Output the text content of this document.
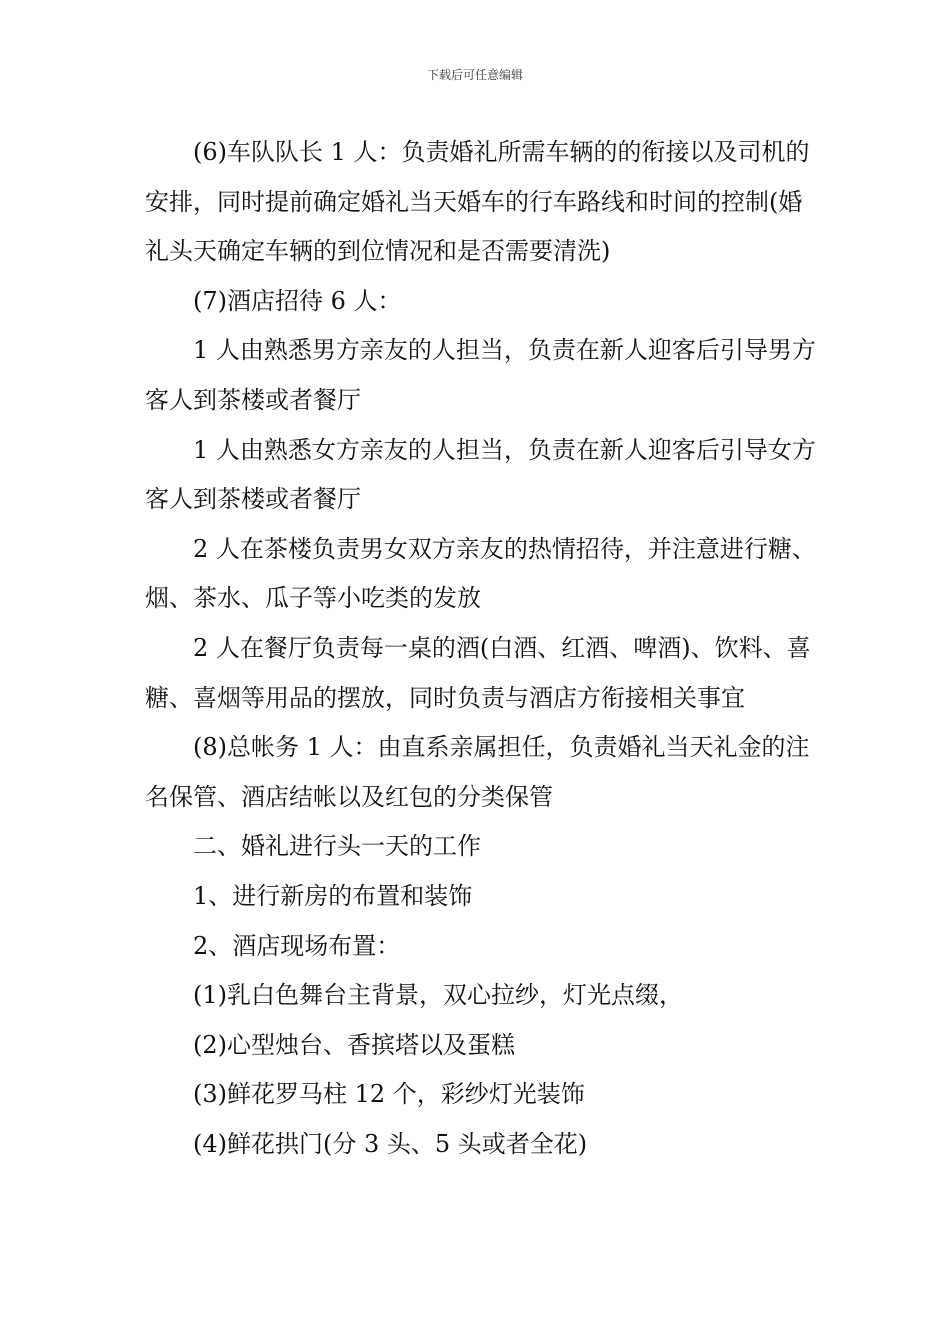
下载后可任意编辑

(6)车队队长 1 人：负责婚礼所需车辆的的衔接以及司机的安排，同时提前确定婚礼当天婚车的行车路线和时间的控制(婚礼头天确定车辆的到位情况和是否需要清洗)

(7)酒店招待 6 人：

1 人由熟悉男方亲友的人担当，负责在新人迎客后引导男方客人到茶楼或者餐厅

1 人由熟悉女方亲友的人担当，负责在新人迎客后引导女方客人到茶楼或者餐厅

2 人在茶楼负责男女双方亲友的热情招待，并注意进行糖、烟、茶水、瓜子等小吃类的发放

2 人在餐厅负责每一桌的酒(白酒、红酒、啤酒)、饮料、喜糖、喜烟等用品的摆放，同时负责与酒店方衔接相关事宜

(8)总帐务 1 人：由直系亲属担任，负责婚礼当天礼金的注名保管、酒店结帐以及红包的分类保管

二、婚礼进行头一天的工作

1、进行新房的布置和装饰

2、酒店现场布置：

(1)乳白色舞台主背景，双心拉纱，灯光点缀，

(2)心型烛台、香摈塔以及蛋糕

(3)鲜花罗马柱 12 个，彩纱灯光装饰

(4)鲜花拱门(分 3 头、5 头或者全花)
